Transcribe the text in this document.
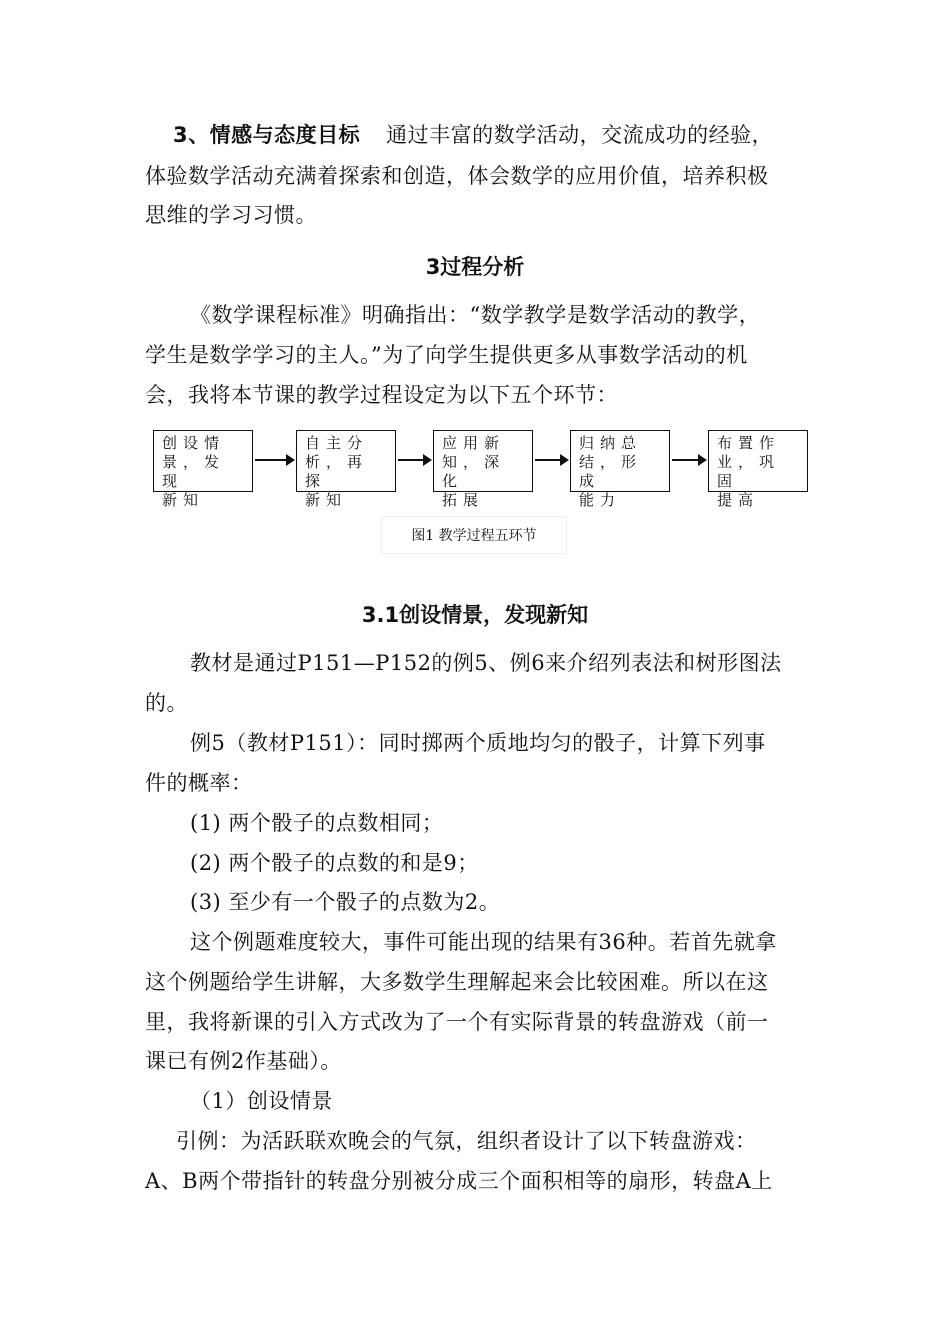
3、情感与态度目标 通过丰富的数学活动，交流成功的经验，
体验数学活动充满着探索和创造，体会数学的应用价值，培养积极
思维的学习习惯。
3过程分析
《数学课程标准》明确指出：“数学教学是数学活动的教学，
学生是数学学习的主人。”为了向学生提供更多从事数学活动的机
会，我将本节课的教学过程设定为以下五个环节：
创设情
景，发现
新知
自主分
析，再探
新知
应用新
知，深化
拓展
归纳总
结，形成
能力
布置作
业，巩固
提高
图1 教学过程五环节
3.1创设情景，发现新知
教材是通过P151—P152的例5、例6来介绍列表法和树形图法
的。
例5（教材P151）：同时掷两个质地均匀的骰子，计算下列事
件的概率：
(1) 两个骰子的点数相同；
(2) 两个骰子的点数的和是9；
(3) 至少有一个骰子的点数为2。
这个例题难度较大，事件可能出现的结果有36种。若首先就拿
这个例题给学生讲解，大多数学生理解起来会比较困难。所以在这
里，我将新课的引入方式改为了一个有实际背景的转盘游戏（前一
课已有例2作基础）。
（1）创设情景
引例：为活跃联欢晚会的气氛，组织者设计了以下转盘游戏：
A、B两个带指针的转盘分别被分成三个面积相等的扇形，转盘A上
